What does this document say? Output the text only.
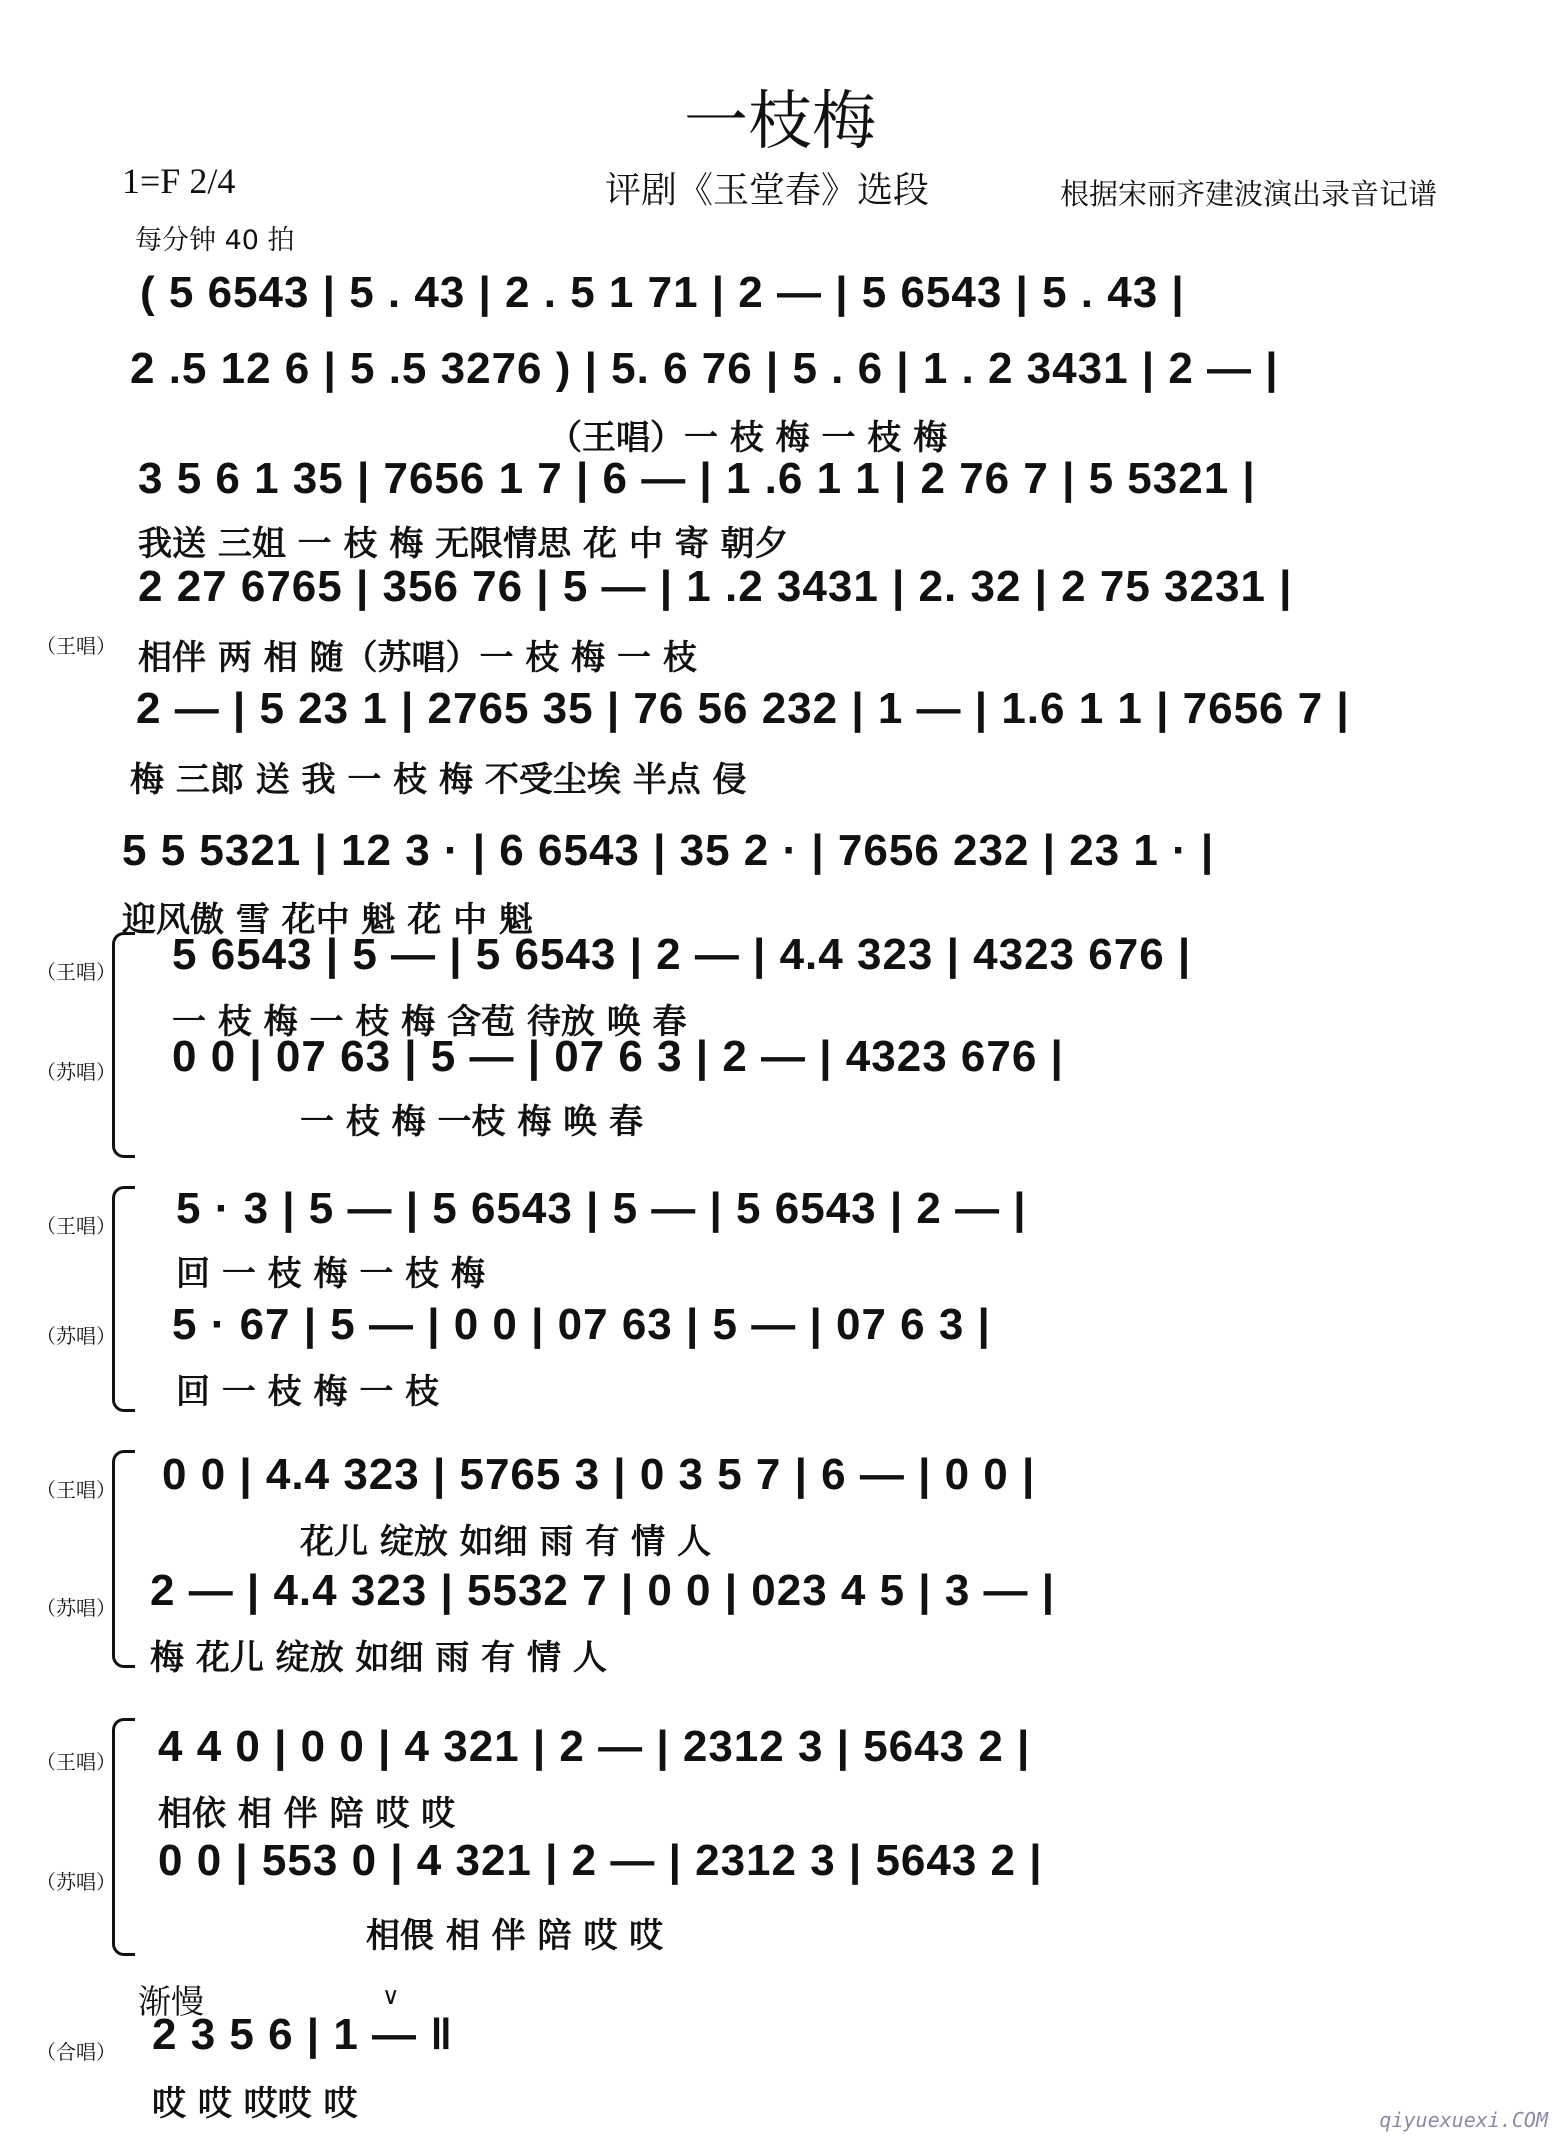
一枝梅
1=F 2/4	评剧《玉堂春》选段	根据宋丽齐建波演出录音记谱
每分钟 40 拍
( 5 6543 | 5 . 43 | 2 . 5 1 71 | 2 — | 5 6543 | 5 . 43 |
2 .5 12 6 | 5 .5 3276 ) | 5. 6 76 | 5 . 6 | 1 . 2 3431 | 2 — |
（王唱）一 枝 梅 一 枝 梅
3 5 6 1 35 | 7656 1 7 | 6 — | 1 .6 1 1 | 2 76 7 | 5 5321 |
我送 三姐 一 枝 梅 无限情思 花 中 寄 朝夕
（王唱）
2 27 6765 | 356 76 | 5 — | 1 .2 3431 | 2. 32 | 2 75 3231 |
相伴 两 相 随（苏唱）一 枝 梅 一 枝
2 — | 5 23 1 | 2765 35 | 76 56 232 | 1 — | 1.6 1 1 | 7656 7 |
梅 三郎 送 我 一 枝 梅 不受尘埃 半点 侵
5 5 5321 | 12 3 · | 6 6543 | 35 2 · | 7656 232 | 23 1 · |
迎风傲 雪 花中 魁 花 中 魁
（王唱） 5 6543 | 5 — | 5 6543 | 2 — | 4.4 323 | 4323 676 |
一 枝 梅 一 枝 梅 含苞 待放 唤 春
（苏唱） 0 0 | 07 63 | 5 — | 07 6 3 | 2 — | 4323 676 |
一 枝 梅 一枝 梅 唤 春
（王唱） 5 · 3 | 5 — | 5 6543 | 5 — | 5 6543 | 2 — |
回 一 枝 梅 一 枝 梅
（苏唱） 5 · 67 | 5 — | 0 0 | 07 63 | 5 — | 07 6 3 |
回 一 枝 梅 一 枝
（王唱） 0 0 | 4.4 323 | 5765 3 | 0 3 5 7 | 6 — | 0 0 |
花儿 绽放 如细 雨 有 情 人
（苏唱） 2 — | 4.4 323 | 5532 7 | 0 0 | 023 4 5 | 3 — |
梅 花儿 绽放 如细 雨 有 情 人
（王唱） 4 4 0 | 0 0 | 4 321 | 2 — | 2312 3 | 5643 2 |
相依 相 伴 陪 哎 哎
（苏唱） 0 0 | 553 0 | 4 321 | 2 — | 2312 3 | 5643 2 |
相偎 相 伴 陪 哎 哎
渐慢
（合唱）
∨
2 3 5 6 | 1 — ‖
哎 哎 哎哎 哎	qiyuexuexi.COM
